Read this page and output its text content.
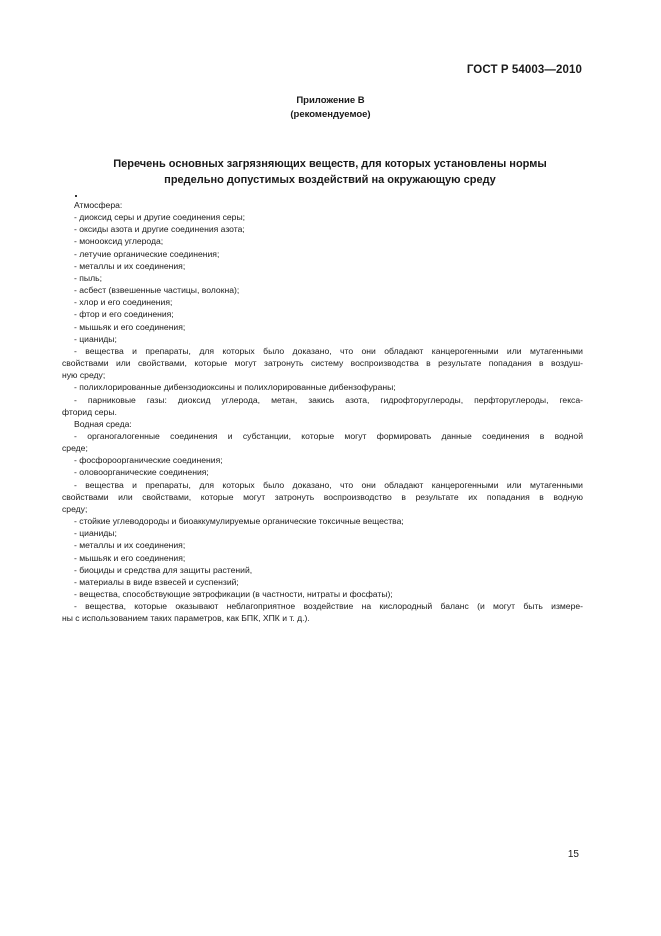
ГОСТ Р 54003—2010
Приложение В
(рекомендуемое)
Перечень основных загрязняющих веществ, для которых установлены нормы
предельно допустимых воздействий на окружающую среду
Атмосфера:
- диоксид серы и другие соединения серы;
- оксиды азота и другие соединения азота;
- монооксид углерода;
- летучие органические соединения;
- металлы и их соединения;
- пыль;
- асбест (взвешенные частицы, волокна);
- хлор и его соединения;
- фтор и его соединения;
- мышьяк и его соединения;
- цианиды;
- вещества и препараты, для которых было доказано, что они обладают канцерогенными или мутагенными
свойствами или свойствами, которые могут затронуть систему воспроизводства в результате попадания в воздуш-
ную среду;
- полихлорированные дибензодиоксины и полихлорированные дибензофураны;
- парниковые газы: диоксид углерода, метан, закись азота, гидрофторуглероды, перфторуглероды, гекса-
фторид серы.
Водная среда:
- органогалогенные соединения и субстанции, которые могут формировать данные соединения в водной
среде;
- фосфороорганические соединения;
- оловоорганические соединения;
- вещества и препараты, для которых было доказано, что они обладают канцерогенными или мутагенными
свойствами или свойствами, которые могут затронуть воспроизводство в результате их попадания в водную
среду;
- стойкие углеводороды и биоаккумулируемые органические токсичные вещества;
- цианиды;
- металлы и их соединения;
- мышьяк и его соединения;
- биоциды и средства для защиты растений,
- материалы в виде взвесей и суспензий;
- вещества, способствующие эвтрофикации (в частности, нитраты и фосфаты);
- вещества, которые оказывают неблагоприятное воздействие на кислородный баланс (и могут быть измере-
ны с использованием таких параметров, как БПК, ХПК и т. д.).
15
